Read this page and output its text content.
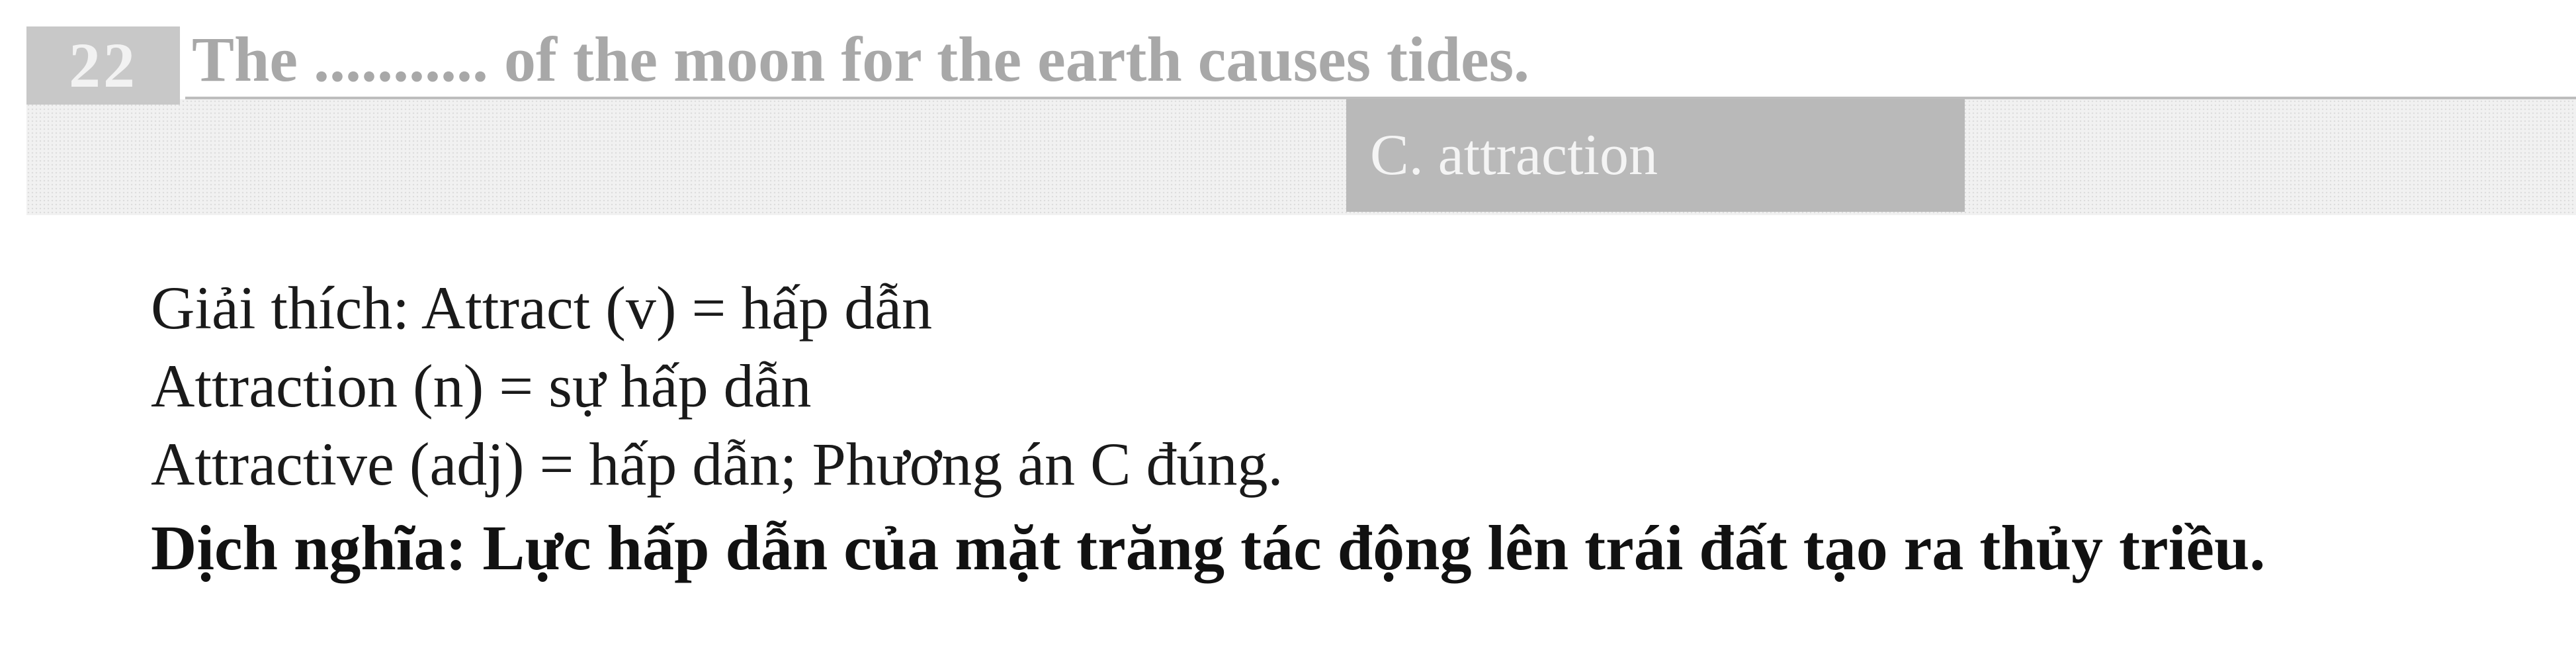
22 The ........... of the moon for the earth causes tides.
C. attraction
Giải thích: Attract (v) = hấp dẫn
Attraction (n) = sự hấp dẫn
Attractive (adj) = hấp dẫn; Phương án C đúng.
Dịch nghĩa: Lực hấp dẫn của mặt trăng tác động lên trái đất tạo ra thủy triều.
